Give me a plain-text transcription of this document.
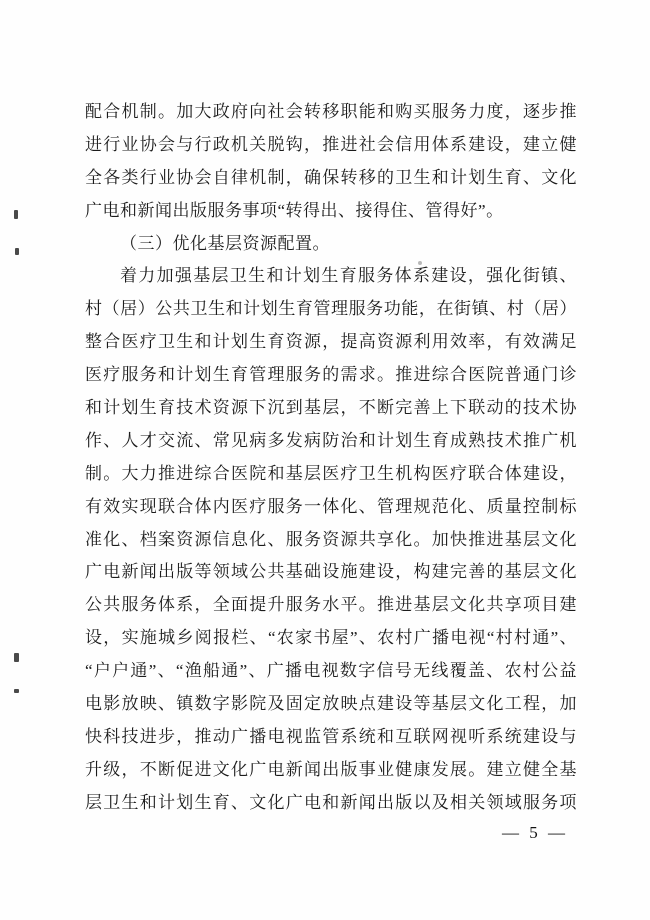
配合机制。加大政府向社会转移职能和购买服务力度，逐步推
进行业协会与行政机关脱钩，推进社会信用体系建设，建立健
全各类行业协会自律机制，确保转移的卫生和计划生育、文化
广电和新闻出版服务事项“转得出、接得住、管得好”。
（三）优化基层资源配置。
着力加强基层卫生和计划生育服务体系建设，强化街镇、
村（居）公共卫生和计划生育管理服务功能，在街镇、村（居）
整合医疗卫生和计划生育资源，提高资源利用效率，有效满足
医疗服务和计划生育管理服务的需求。推进综合医院普通门诊
和计划生育技术资源下沉到基层，不断完善上下联动的技术协
作、人才交流、常见病多发病防治和计划生育成熟技术推广机
制。大力推进综合医院和基层医疗卫生机构医疗联合体建设，
有效实现联合体内医疗服务一体化、管理规范化、质量控制标
准化、档案资源信息化、服务资源共享化。加快推进基层文化
广电新闻出版等领域公共基础设施建设，构建完善的基层文化
公共服务体系，全面提升服务水平。推进基层文化共享项目建
设，实施城乡阅报栏、“农家书屋”、农村广播电视“村村通”、
“户户通”、“渔船通”、广播电视数字信号无线覆盖、农村公益
电影放映、镇数字影院及固定放映点建设等基层文化工程，加
快科技进步，推动广播电视监管系统和互联网视听系统建设与
升级，不断促进文化广电新闻出版事业健康发展。建立健全基
层卫生和计划生育、文化广电和新闻出版以及相关领域服务项
— 5 —
